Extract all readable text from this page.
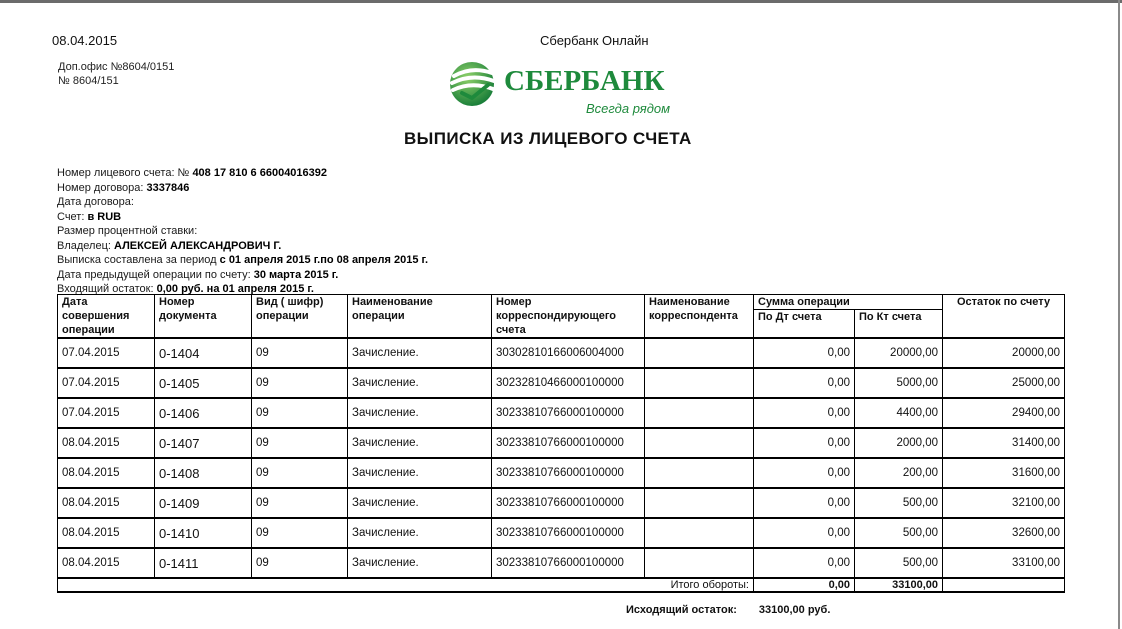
08.04.2015	Сбербанк Онлайн
Доп.офис №8604/0151
№ 8604/151	СБЕРБАНК
Всегда рядом
ВЫПИСКА ИЗ ЛИЦЕВОГО СЧЕТА
Номер лицевого счета: № 408 17 810 6 66004016392
Номер договора: 3337846
Дата договора:
Счет: в RUB
Размер процентной ставки:
Владелец: АЛЕКСЕЙ АЛЕКСАНДРОВИЧ Г.
Выписка составлена за период с 01 апреля 2015 г.по 08 апреля 2015 г.
Дата предыдущей операции по счету: 30 марта 2015 г.
Входящий остаток: 0,00 руб. на 01 апреля 2015 г.
Дата совершения операции	Номер документа	Вид ( шифр) операции	Наименование операции	Номер корреспондирующего счета	Наименование корреспондента	Сумма операции		Остаток по счету
						По Дт счета	По Кт счета	
07.04.2015	0-1404	09	Зачисление.	30302810166006004000		0,00	20000,00	20000,00
07.04.2015	0-1405	09	Зачисление.	30232810466000100000		0,00	5000,00	25000,00
07.04.2015	0-1406	09	Зачисление.	30233810766000100000		0,00	4400,00	29400,00
08.04.2015	0-1407	09	Зачисление.	30233810766000100000		0,00	2000,00	31400,00
08.04.2015	0-1408	09	Зачисление.	30233810766000100000		0,00	200,00	31600,00
08.04.2015	0-1409	09	Зачисление.	30233810766000100000		0,00	500,00	32100,00
08.04.2015	0-1410	09	Зачисление.	30233810766000100000		0,00	500,00	32600,00
08.04.2015	0-1411	09	Зачисление.	30233810766000100000		0,00	500,00	33100,00
Итого обороты:						0,00	33100,00	
Исходящий остаток: 33100,00 руб.
